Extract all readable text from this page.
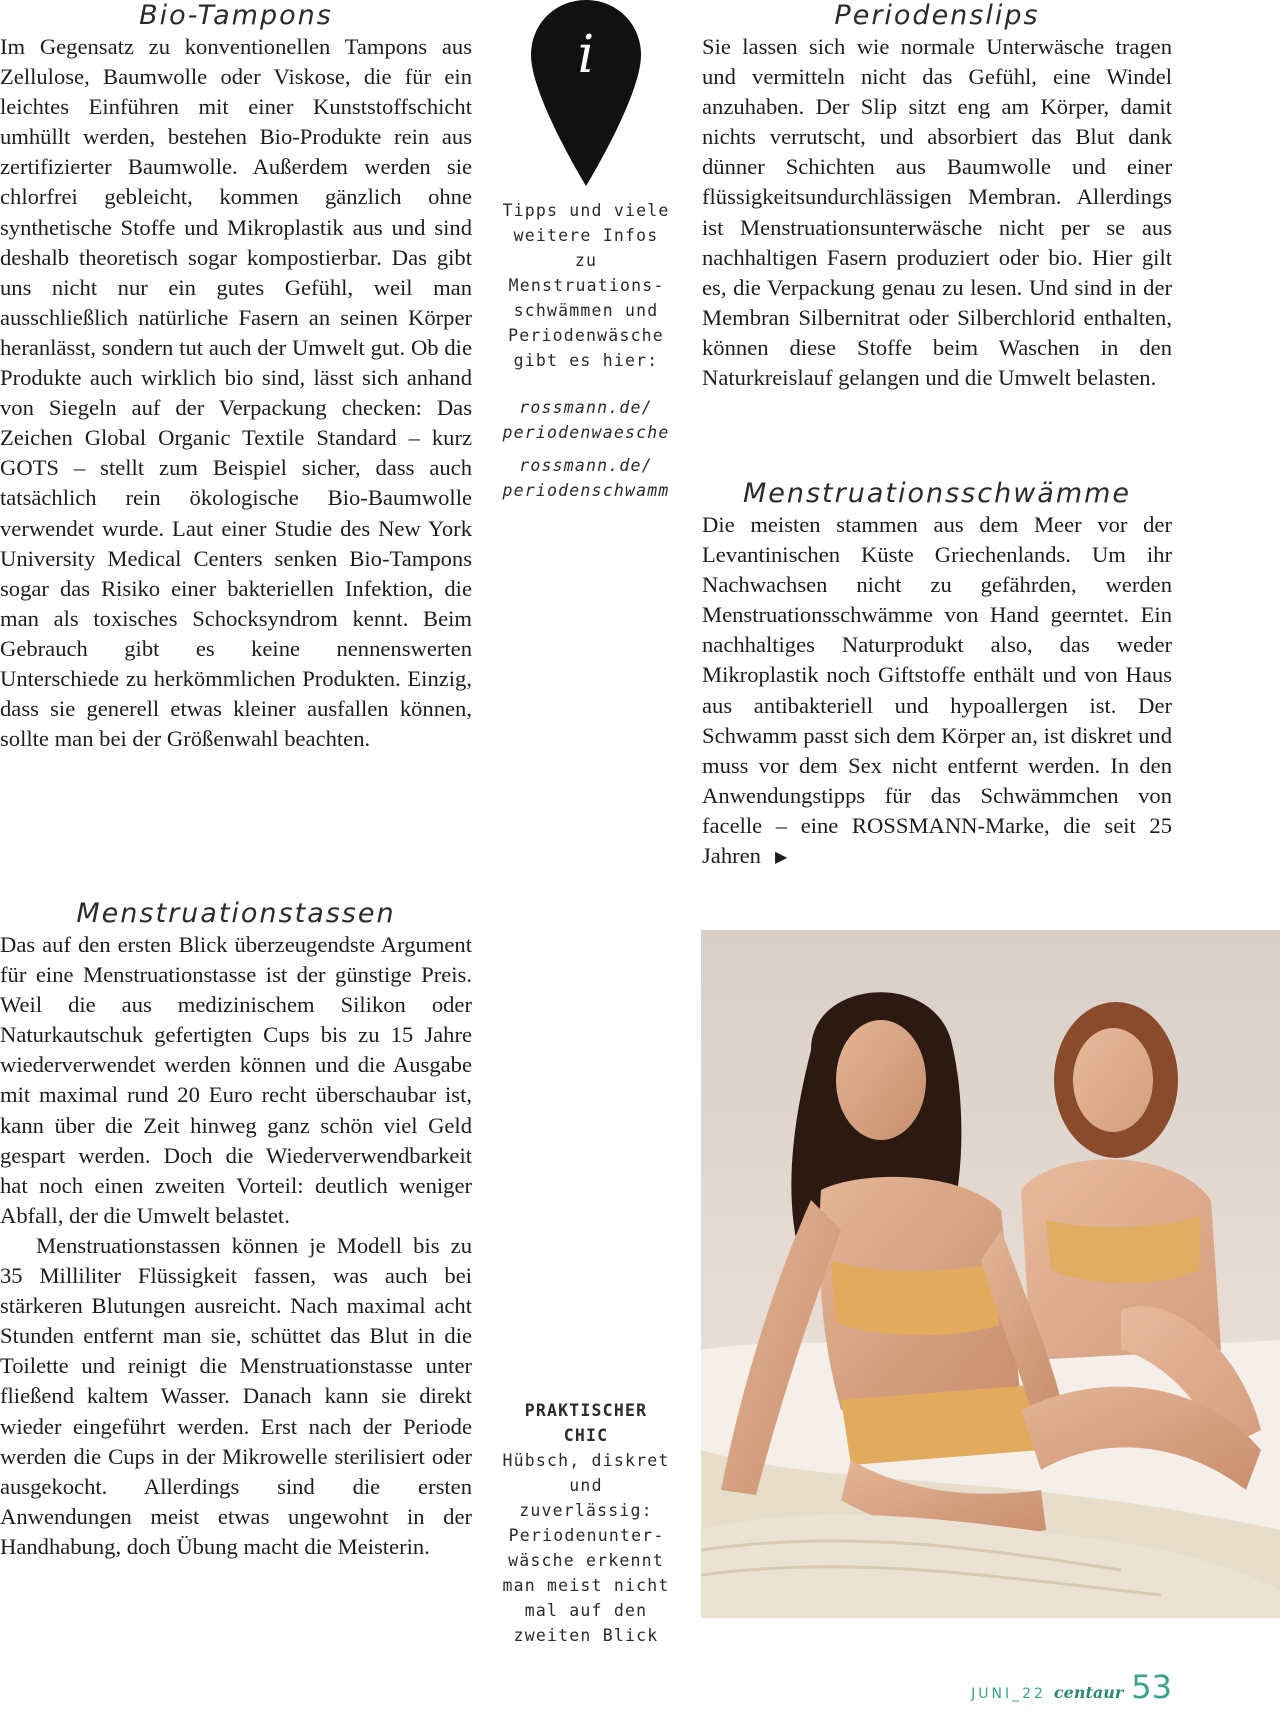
Bio-Tampons

Im Gegensatz zu konventionellen Tampons aus Zellulose, Baumwolle oder Viskose, die für ein leichtes Einführen mit einer Kunststoffschicht umhüllt werden, bestehen Bio-Produkte rein aus zertifizierter Baumwolle. Außerdem werden sie chlorfrei gebleicht, kommen gänzlich ohne synthetische Stoffe und Mikroplastik aus und sind deshalb theoretisch sogar kompostierbar. Das gibt uns nicht nur ein gutes Gefühl, weil man ausschließlich natürliche Fasern an seinen Körper heranlässt, sondern tut auch der Umwelt gut. Ob die Produkte auch wirklich bio sind, lässt sich anhand von Siegeln auf der Verpackung checken: Das Zeichen Global Organic Textile Standard – kurz GOTS – stellt zum Beispiel sicher, dass auch tatsächlich rein ökologische Bio-Baumwolle verwendet wurde. Laut einer Studie des New York University Medical Centers senken Bio-Tampons sogar das Risiko einer bakteriellen Infektion, die man als toxisches Schocksyndrom kennt. Beim Gebrauch gibt es keine nennenswerten Unterschiede zu herkömmlichen Produkten. Einzig, dass sie generell etwas kleiner ausfallen können, sollte man bei der Größenwahl beachten.

Menstruationstassen

Das auf den ersten Blick überzeugendste Argument für eine Menstruationstasse ist der günstige Preis. Weil die aus medizinischem Silikon oder Naturkautschuk gefertigten Cups bis zu 15 Jahre wiederverwendet werden können und die Ausgabe mit maximal rund 20 Euro recht überschaubar ist, kann über die Zeit hinweg ganz schön viel Geld gespart werden. Doch die Wiederverwendbarkeit hat noch einen zweiten Vorteil: deutlich weniger Abfall, der die Umwelt belastet.

Menstruationstassen können je Modell bis zu 35 Milliliter Flüssigkeit fassen, was auch bei stärkeren Blutungen ausreicht. Nach maximal acht Stunden entfernt man sie, schüttet das Blut in die Toilette und reinigt die Menstruationstasse unter fließend kaltem Wasser. Danach kann sie direkt wieder eingeführt werden. Erst nach der Periode werden die Cups in der Mikrowelle sterilisiert oder ausgekocht. Allerdings sind die ersten Anwendungen meist etwas ungewohnt in der Handhabung, doch Übung macht die Meisterin.

i

Tipps und viele weitere Infos zu Menstruationsschwämmen und Periodenwäsche gibt es hier:

rossmann.de/ periodenwaesche

rossmann.de/ periodenschwamm

PRAKTISCHER CHIC

Hübsch, diskret und zuverlässig: Periodenunterwäsche erkennt man meist nicht mal auf den zweiten Blick

Periodenslips

Sie lassen sich wie normale Unterwäsche tragen und vermitteln nicht das Gefühl, eine Windel anzuhaben. Der Slip sitzt eng am Körper, damit nichts verrutscht, und absorbiert das Blut dank dünner Schichten aus Baumwolle und einer flüssigkeitsundurchlässigen Membran. Allerdings ist Menstruationsunterwäsche nicht per se aus nachhaltigen Fasern produziert oder bio. Hier gilt es, die Verpackung genau zu lesen. Und sind in der Membran Silbernitrat oder Silberchlorid enthalten, können diese Stoffe beim Waschen in den Naturkreislauf gelangen und die Umwelt belasten.

Menstruationsschwämme

Die meisten stammen aus dem Meer vor der Levantinischen Küste Griechenlands. Um ihr Nachwachsen nicht zu gefährden, werden Menstruationsschwämme von Hand geerntet. Ein nachhaltiges Naturprodukt also, das weder Mikroplastik noch Giftstoffe enthält und von Haus aus antibakteriell und hypoallergen ist. Der Schwamm passt sich dem Körper an, ist diskret und muss vor dem Sex nicht entfernt werden. In den Anwendungstipps für das Schwämmchen von facelle – eine ROSSMANN-Marke, die seit 25 Jahren ▶

JUNI_22 centaur 53
